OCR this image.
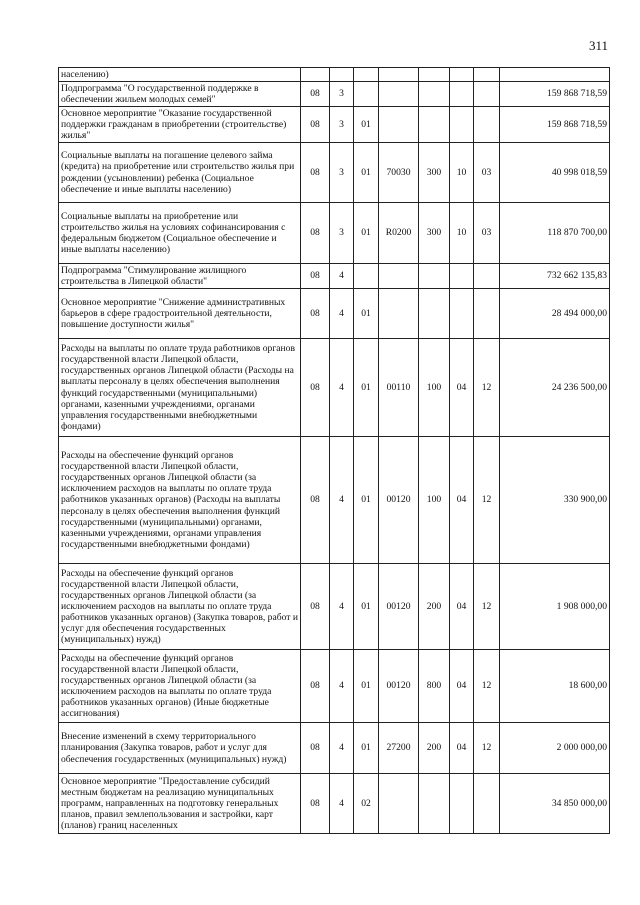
311
населению)								
Подпрограмма "О государственной поддержке в обеспечении жильем молодых семей"	08	3						159 868 718,59
Основное мероприятие "Оказание государственной поддержки гражданам в приобретении (строительстве) жилья"	08	3	01					159 868 718,59
Социальные выплаты на погашение целевого займа (кредита) на приобретение или строительство жилья при рождении (усыновлении) ребенка (Социальное обеспечение и иные выплаты населению)	08	3	01	70030	300	10	03	40 998 018,59
Социальные выплаты на приобретение или строительство жилья на условиях софинансирования с федеральным бюджетом (Социальное обеспечение и иные выплаты населению)	08	3	01	R0200	300	10	03	118 870 700,00
Подпрограмма "Стимулирование жилищного строительства в Липецкой области"	08	4						732 662 135,83
Основное мероприятие "Снижение административных барьеров в сфере градостроительной деятельности, повышение доступности жилья"	08	4	01					28 494 000,00
Расходы на выплаты по оплате труда работников органов государственной власти Липецкой области, государственных органов Липецкой области (Расходы на выплаты персоналу в целях обеспечения выполнения функций государственными (муниципальными) органами, казенными учреждениями, органами управления государственными внебюджетными фондами)	08	4	01	00110	100	04	12	24 236 500,00
Расходы на обеспечение функций органов государственной власти Липецкой области, государственных органов Липецкой области (за исключением расходов на выплаты по оплате труда работников указанных органов) (Расходы на выплаты персоналу в целях обеспечения выполнения функций государственными (муниципальными) органами, казенными учреждениями, органами управления государственными внебюджетными фондами)	08	4	01	00120	100	04	12	330 900,00
Расходы на обеспечение функций органов государственной власти Липецкой области, государственных органов Липецкой области (за исключением расходов на выплаты по оплате труда работников указанных органов) (Закупка товаров, работ и услуг для обеспечения государственных (муниципальных) нужд)	08	4	01	00120	200	04	12	1 908 000,00
Расходы на обеспечение функций органов государственной власти Липецкой области, государственных органов Липецкой области (за исключением расходов на выплаты по оплате труда работников указанных органов) (Иные бюджетные ассигнования)	08	4	01	00120	800	04	12	18 600,00
Внесение изменений в схему территориального планирования (Закупка товаров, работ и услуг для обеспечения государственных (муниципальных) нужд)	08	4	01	27200	200	04	12	2 000 000,00
Основное мероприятие "Предоставление субсидий местным бюджетам на реализацию муниципальных программ, направленных на подготовку генеральных планов, правил землепользования и застройки, карт (планов) границ населенных	08	4	02					34 850 000,00
